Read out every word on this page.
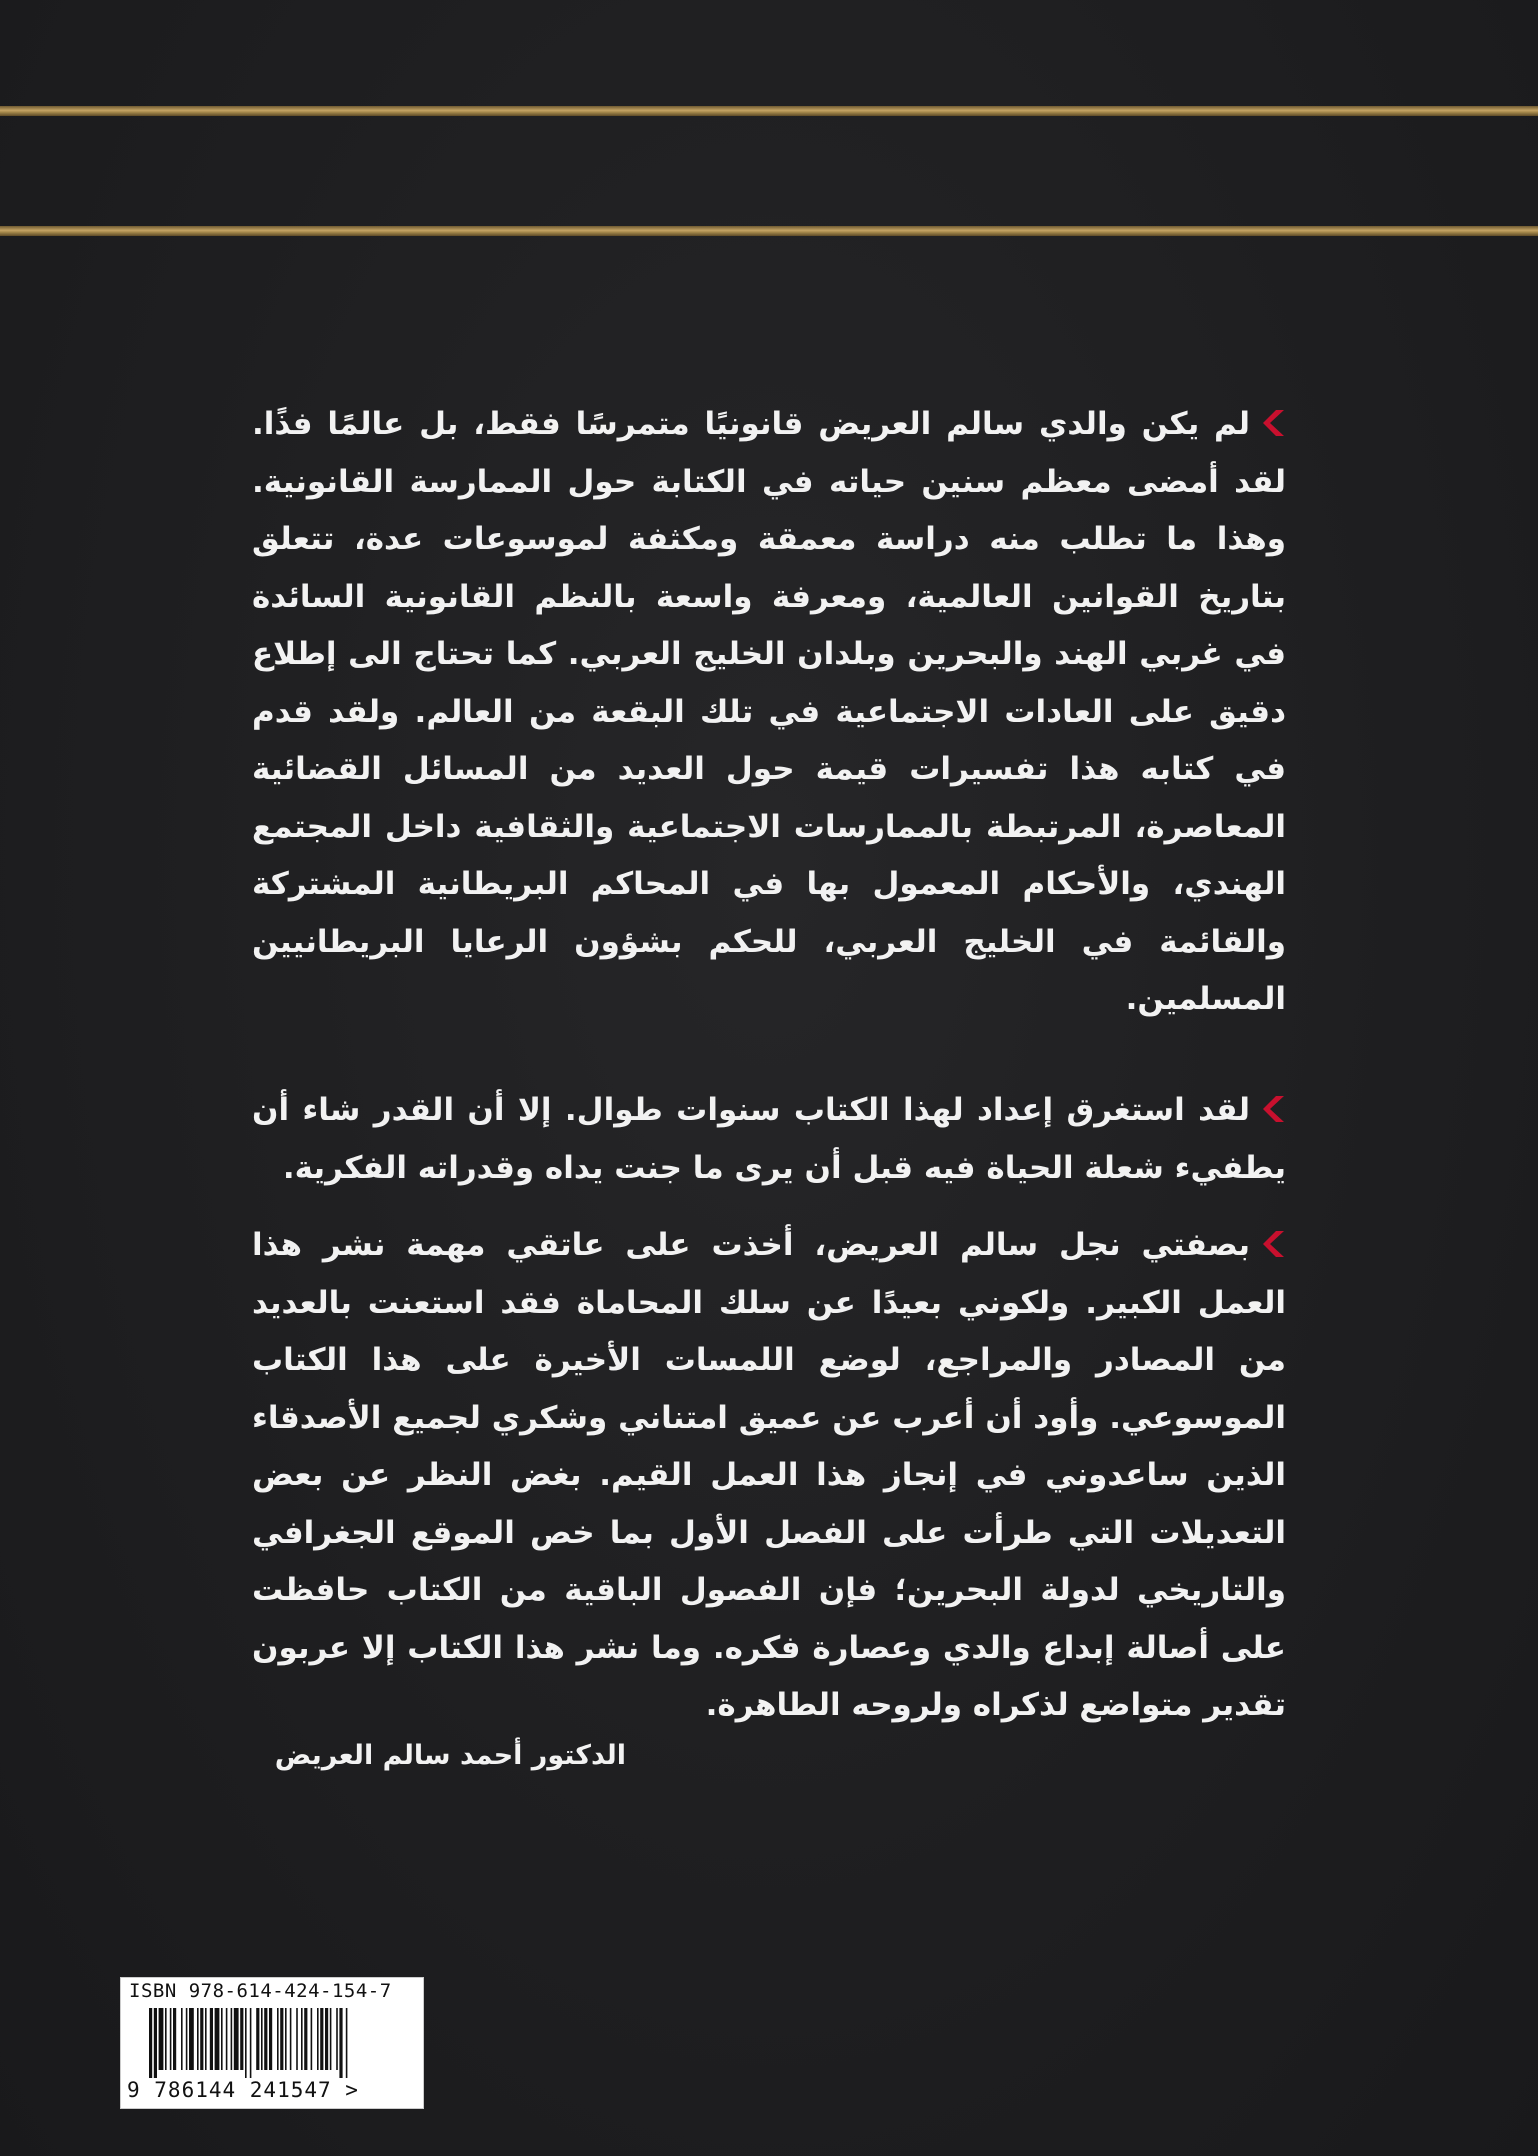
لم يكن والدي سالم العريض قانونيًا متمرسًا فقط، بل عالمًا فذًا. لقد أمضى معظم سنين حياته في الكتابة حول الممارسة القانونية. وهذا ما تطلب منه دراسة معمقة ومكثفة لموسوعات عدة، تتعلق بتاريخ القوانين العالمية، ومعرفة واسعة بالنظم القانونية السائدة في غربي الهند والبحرين وبلدان الخليج العربي. كما تحتاج الى إطلاع دقيق على العادات الاجتماعية في تلك البقعة من العالم. ولقد قدم في كتابه هذا تفسيرات قيمة حول العديد من المسائل القضائية المعاصرة، المرتبطة بالممارسات الاجتماعية والثقافية داخل المجتمع الهندي، والأحكام المعمول بها في المحاكم البريطانية المشتركة والقائمة في الخليج العربي، للحكم بشؤون الرعايا البريطانيين المسلمين.
لقد استغرق إعداد لهذا الكتاب سنوات طوال. إلا أن القدر شاء أن يطفيء شعلة الحياة فيه قبل أن يرى ما جنت يداه وقدراته الفكرية.
بصفتي نجل سالم العريض، أخذت على عاتقي مهمة نشر هذا العمل الكبير. ولكوني بعيدًا عن سلك المحاماة فقد استعنت بالعديد من المصادر والمراجع، لوضع اللمسات الأخيرة على هذا الكتاب الموسوعي. وأود أن أعرب عن عميق امتناني وشكري لجميع الأصدقاء الذين ساعدوني في إنجاز هذا العمل القيم. بغض النظر عن بعض التعديلات التي طرأت على الفصل الأول بما خص الموقع الجغرافي والتاريخي لدولة البحرين؛ فإن الفصول الباقية من الكتاب حافظت على أصالة إبداع والدي وعصارة فكره. وما نشر هذا الكتاب إلا عربون تقدير متواضع لذكراه ولروحه الطاهرة.
الدكتور أحمد سالم العريض
ISBN 978-614-424-154-7
9 786144 241547 >
